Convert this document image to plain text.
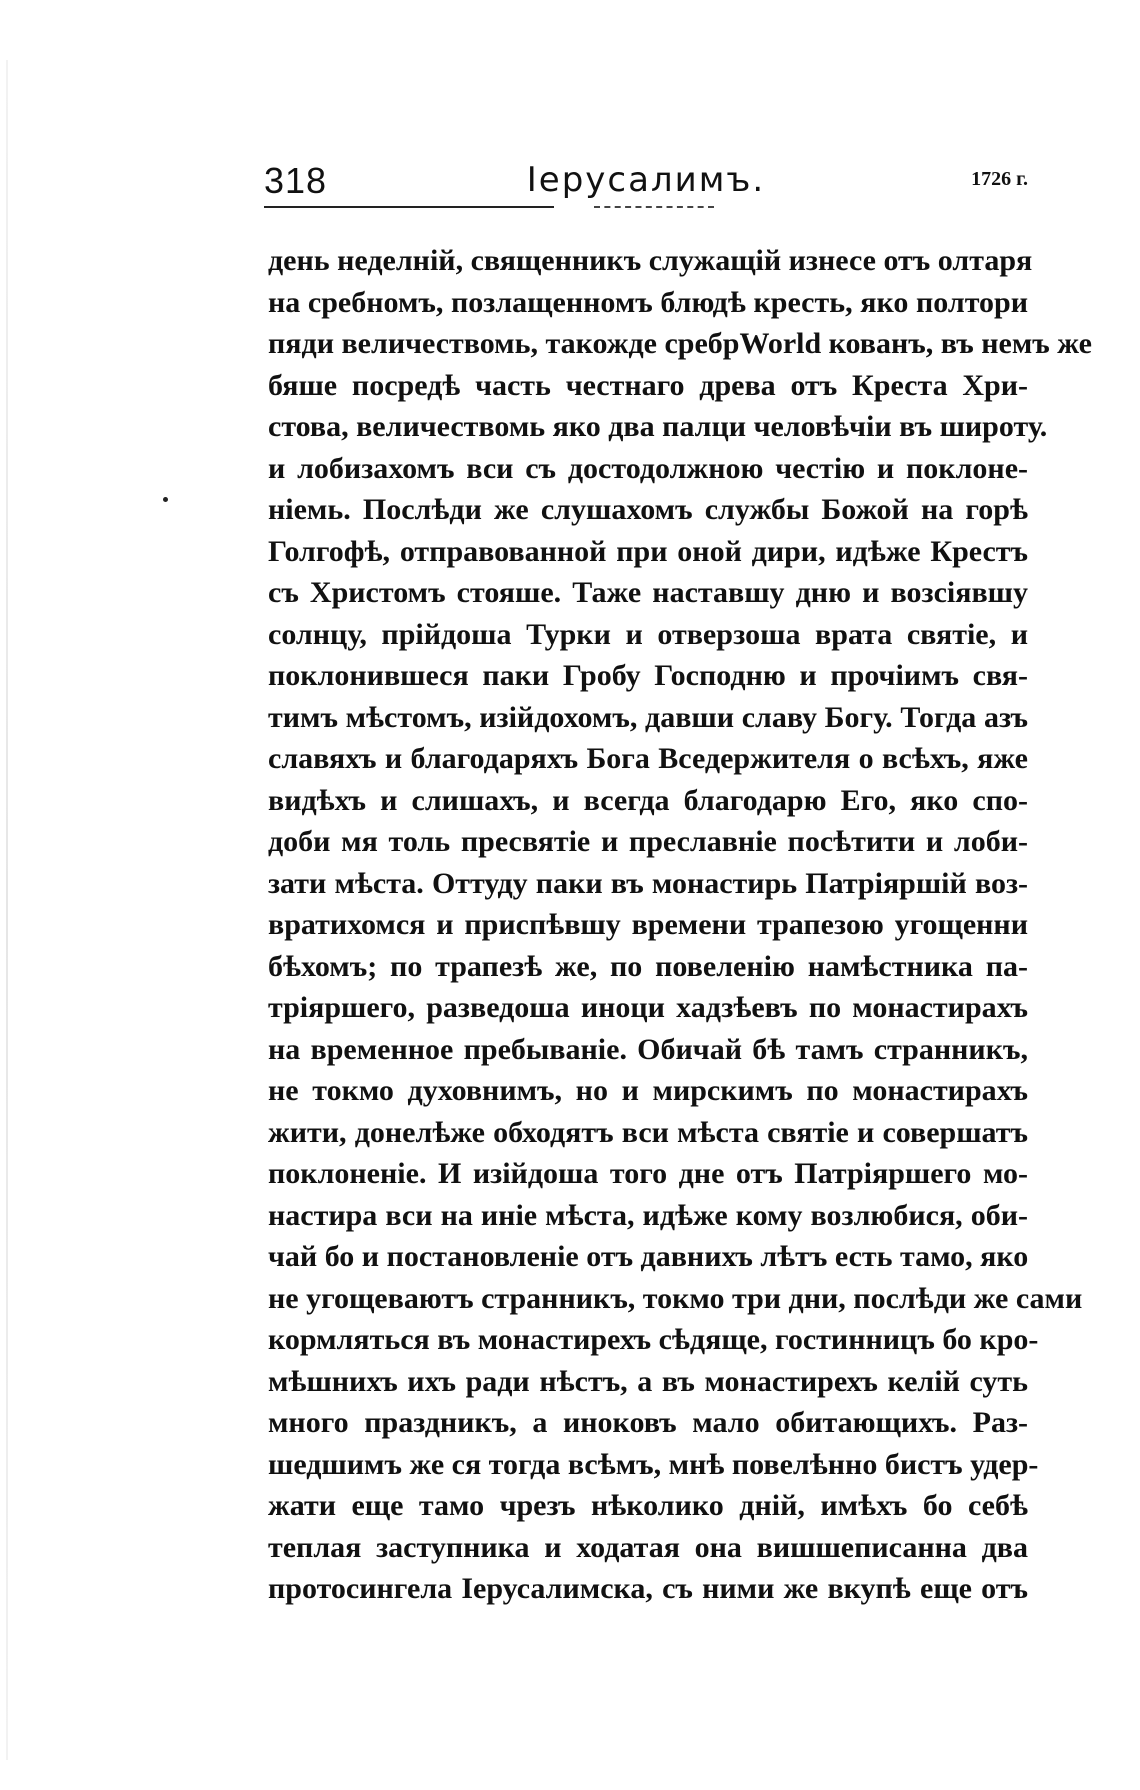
318	Іерусалимъ.	1726 г.
день неделній, священникъ служащій изнесе отъ олтаря
на сребномъ, позлащенномъ блюдѣ кресть, яко полтори
пяди величествомь, такожде сребрWorld кованъ, въ немъ же
бяше посредѣ часть честнаго древа отъ Креста Хри-
стова, величествомь яко два палци человѣчіи въ широту.
и лобизахомъ вси съ достодолжною честію и поклоне-
ніемь. Послѣди же слушахомъ службы Божой на горѣ
Голгофѣ, отправованной при оной дири, идѣже Крестъ
съ Христомъ стояше. Таже наставшу дню и возсіявшу
солнцу, прійдоша Турки и отверзоша врата святіе, и
поклонившеся паки Гробу Господню и прочіимъ свя-
тимъ мѣстомъ, изійдохомъ, давши славу Богу. Тогда азъ
славяхъ и благодаряхъ Бога Вседержителя о всѣхъ, яже
видѣхъ и слишахъ, и всегда благодарю Его, яко спо-
доби мя толь пресвятіе и преславніе посѣтити и лоби-
зати мѣста. Оттуду паки въ монастирь Патріяршій воз-
вратихомся и приспѣвшу времени трапезою угощенни
бѣхомъ; по трапезѣ же, по повеленію намѣстника па-
тріяршего, разведоша иноци хадзѣевъ по монастирахъ
на временное пребываніе. Обичай бѣ тамъ странникъ,
не токмо духовнимъ, но и мирскимъ по монастирахъ
жити, донелѣже обходятъ вси мѣста святіе и совершатъ
поклоненіе. И изійдоша того дне отъ Патріяршего мо-
настира вси на иніе мѣста, идѣже кому возлюбися, оби-
чай бо и постановленіе отъ давнихъ лѣтъ есть тамо, яко
не угощеваютъ странникъ, токмо три дни, послѣди же сами
кормляться въ монастирехъ сѣдяще, гостинницъ бо кро-
мѣшнихъ ихъ ради нѣстъ, а въ монастирехъ келій суть
много праздникъ, а иноковъ мало обитающихъ. Раз-
шедшимъ же ся тогда всѣмъ, мнѣ повелѣнно бистъ удер-
жати еще тамо чрезъ нѣколико дній, имѣхъ бо себѣ
теплая заступника и ходатая она вишшеписанна два
протосингела Іерусалимска, съ ними же вкупѣ еще отъ
